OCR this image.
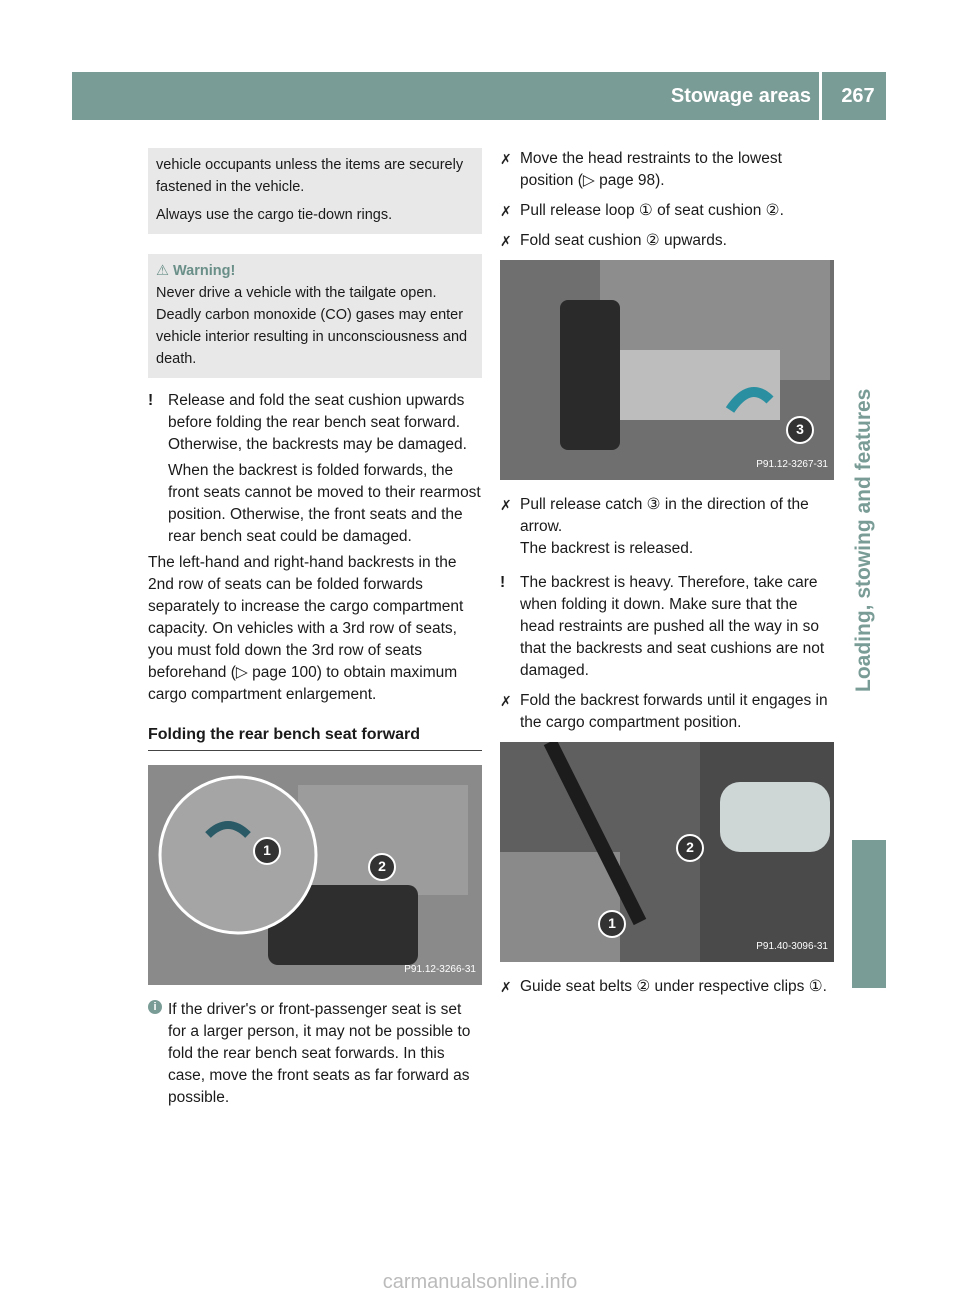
Stowage areas	267
Loading, stowing and features

vehicle occupants unless the items are securely fastened in the vehicle.

Always use the cargo tie-down rings.

⚠ Warning!

Never drive a vehicle with the tailgate open. Deadly carbon monoxide (CO) gases may enter vehicle interior resulting in unconsciousness and death.

! Release and fold the seat cushion upwards before folding the rear bench seat forward. Otherwise, the backrests may be damaged.

When the backrest is folded forwards, the front seats cannot be moved to their rearmost position. Otherwise, the front seats and the rear bench seat could be damaged.

The left-hand and right-hand backrests in the 2nd row of seats can be folded forwards separately to increase the cargo compartment capacity. On vehicles with a 3rd row of seats, you must fold down the 3rd row of seats beforehand (▷ page 100) to obtain maximum cargo compartment enlargement.

Folding the rear bench seat forward
1
2
P91.12-3266-31
i If the driver's or front-passenger seat is set for a larger person, it may not be possible to fold the rear bench seat forwards. In this case, move the front seats as far forward as possible.

✗ Move the head restraints to the lowest position (▷ page 98).
✗ Pull release loop ① of seat cushion ②.
✗ Fold seat cushion ② upwards.
3
P91.12-3267-31
✗ Pull release catch ③ in the direction of the arrow.
The backrest is released.
! The backrest is heavy. Therefore, take care when folding it down. Make sure that the head restraints are pushed all the way in so that the backrests and seat cushions are not damaged.

✗ Fold the backrest forwards until it engages in the cargo compartment position.
2
1
P91.40-3096-31
✗ Guide seat belts ② under respective clips ①.
carmanualsonline.info
